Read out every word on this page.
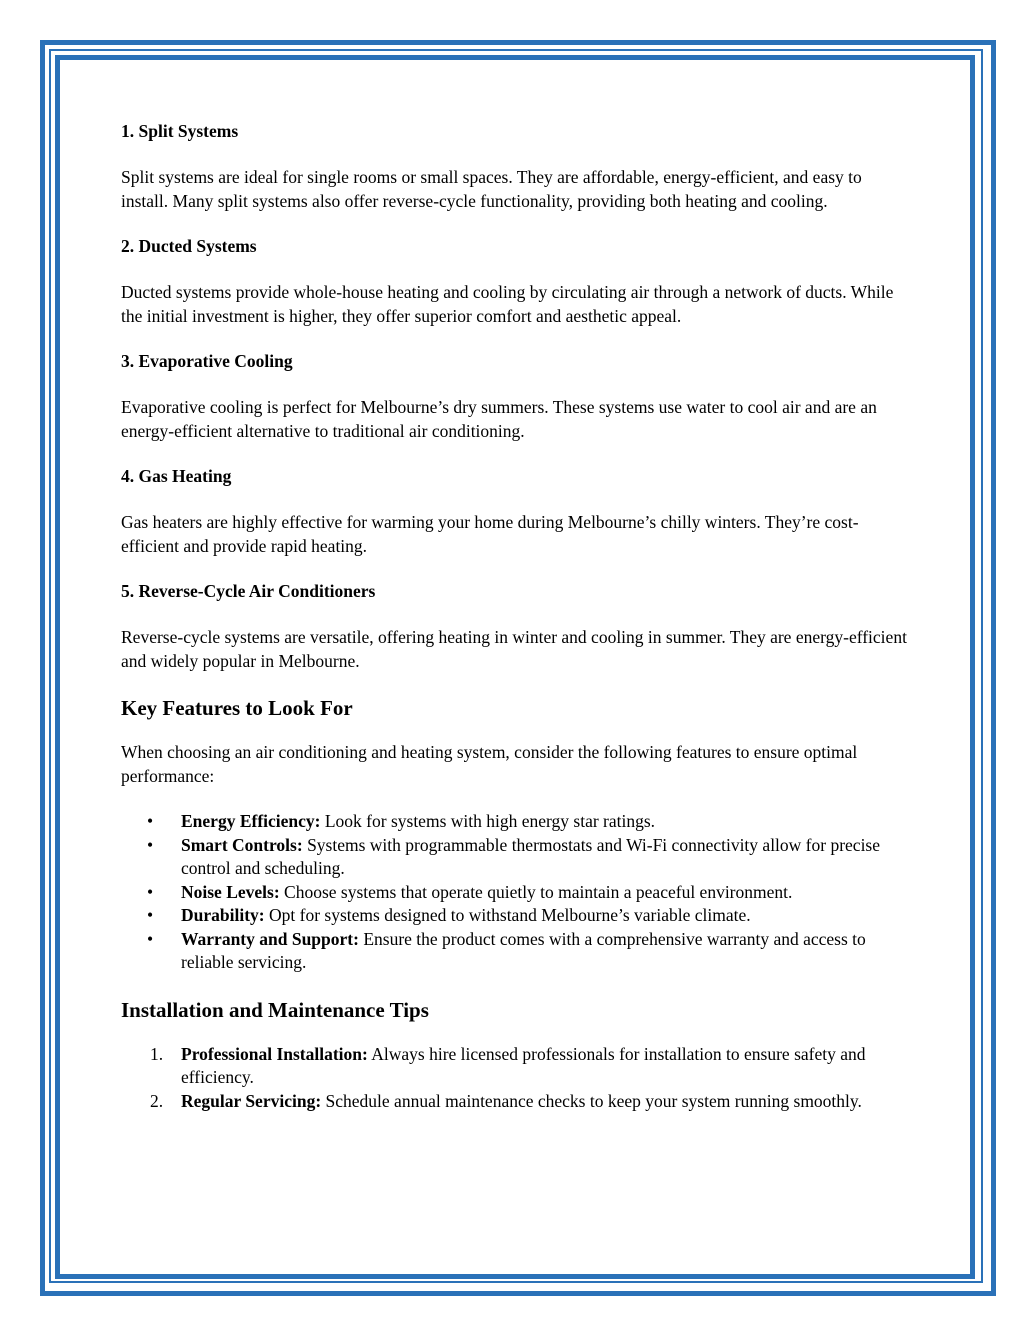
1. Split Systems

Split systems are ideal for single rooms or small spaces. They are affordable, energy-efficient, and easy to install. Many split systems also offer reverse-cycle functionality, providing both heating and cooling.

2. Ducted Systems

Ducted systems provide whole-house heating and cooling by circulating air through a network of ducts. While the initial investment is higher, they offer superior comfort and aesthetic appeal.

3. Evaporative Cooling

Evaporative cooling is perfect for Melbourne’s dry summers. These systems use water to cool air and are an energy-efficient alternative to traditional air conditioning.

4. Gas Heating

Gas heaters are highly effective for warming your home during Melbourne’s chilly winters. They’re cost-efficient and provide rapid heating.

5. Reverse-Cycle Air Conditioners

Reverse-cycle systems are versatile, offering heating in winter and cooling in summer. They are energy-efficient and widely popular in Melbourne.

Key Features to Look For

When choosing an air conditioning and heating system, consider the following features to ensure optimal performance:

• Energy Efficiency: Look for systems with high energy star ratings.
• Smart Controls: Systems with programmable thermostats and Wi-Fi connectivity allow for precise control and scheduling.
• Noise Levels: Choose systems that operate quietly to maintain a peaceful environment.
• Durability: Opt for systems designed to withstand Melbourne’s variable climate.
• Warranty and Support: Ensure the product comes with a comprehensive warranty and access to reliable servicing.

Installation and Maintenance Tips

1. Professional Installation: Always hire licensed professionals for installation to ensure safety and efficiency.
2. Regular Servicing: Schedule annual maintenance checks to keep your system running smoothly.
